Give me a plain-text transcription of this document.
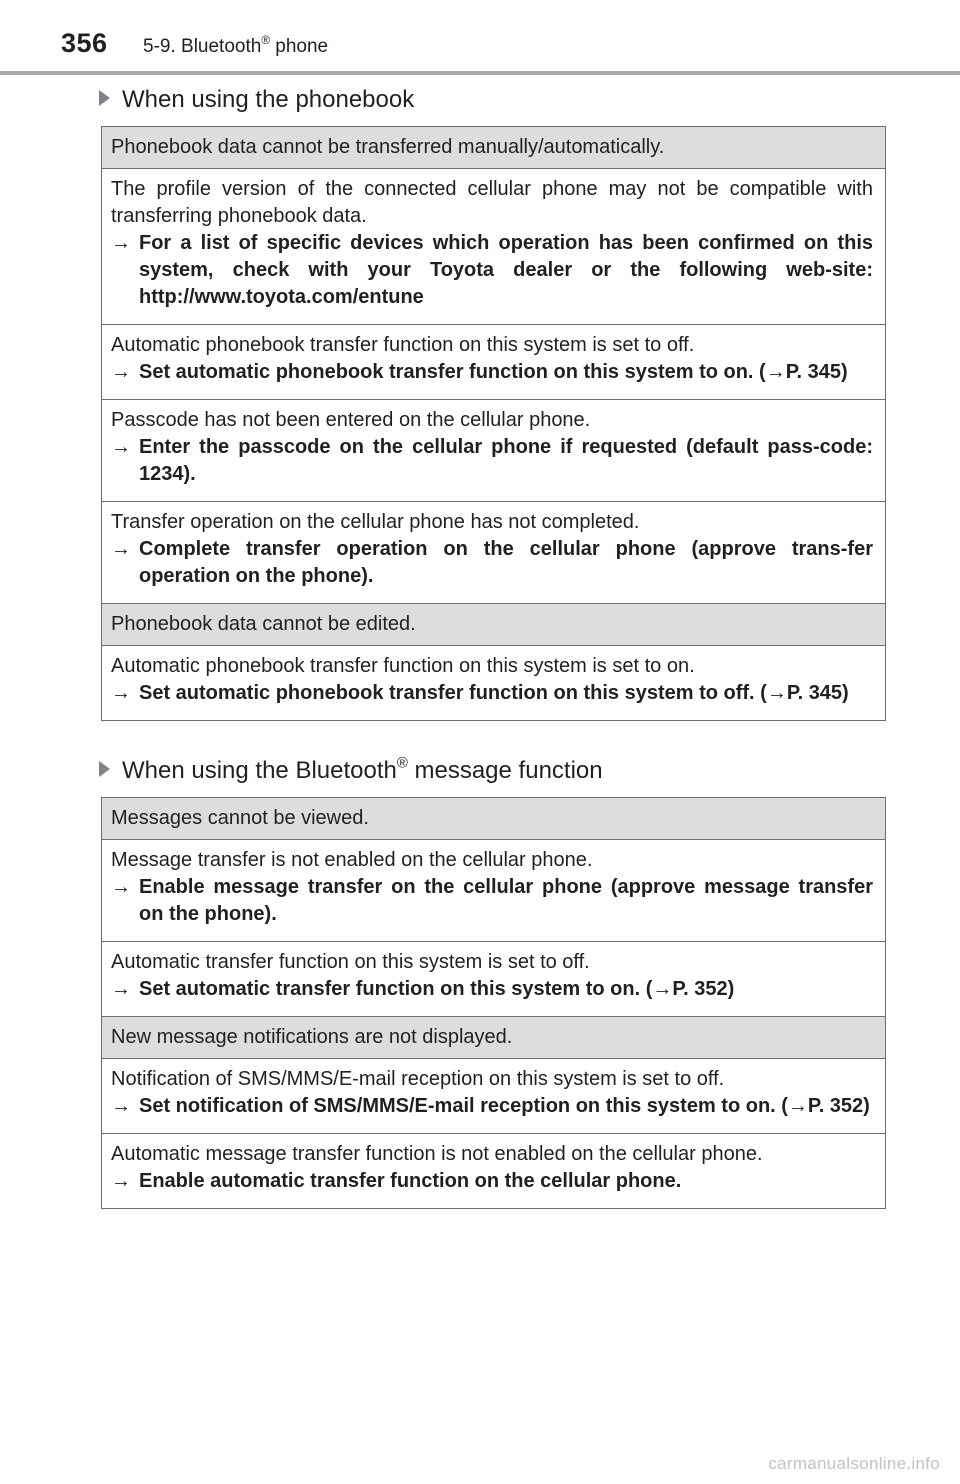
356 5-9. Bluetooth® phone
When using the phonebook
Phonebook data cannot be transferred manually/automatically.

The profile version of the connected cellular phone may not be compatible with transferring phonebook data.
→ For a list of specific devices which operation has been confirmed on this system, check with your Toyota dealer or the following web-site: http://www.toyota.com/entune

Automatic phonebook transfer function on this system is set to off.
→ Set automatic phonebook transfer function on this system to on. (→P. 345)

Passcode has not been entered on the cellular phone.
→ Enter the passcode on the cellular phone if requested (default pass-code: 1234).

Transfer operation on the cellular phone has not completed.
→ Complete transfer operation on the cellular phone (approve trans-fer operation on the phone).

Phonebook data cannot be edited.

Automatic phonebook transfer function on this system is set to on.
→ Set automatic phonebook transfer function on this system to off. (→P. 345)
When using the Bluetooth® message function
Messages cannot be viewed.

Message transfer is not enabled on the cellular phone.
→ Enable message transfer on the cellular phone (approve message transfer on the phone).

Automatic transfer function on this system is set to off.
→ Set automatic transfer function on this system to on. (→P. 352)

New message notifications are not displayed.

Notification of SMS/MMS/E-mail reception on this system is set to off.
→ Set notification of SMS/MMS/E-mail reception on this system to on. (→P. 352)

Automatic message transfer function is not enabled on the cellular phone.
→ Enable automatic transfer function on the cellular phone.
carmanualsonline.info
